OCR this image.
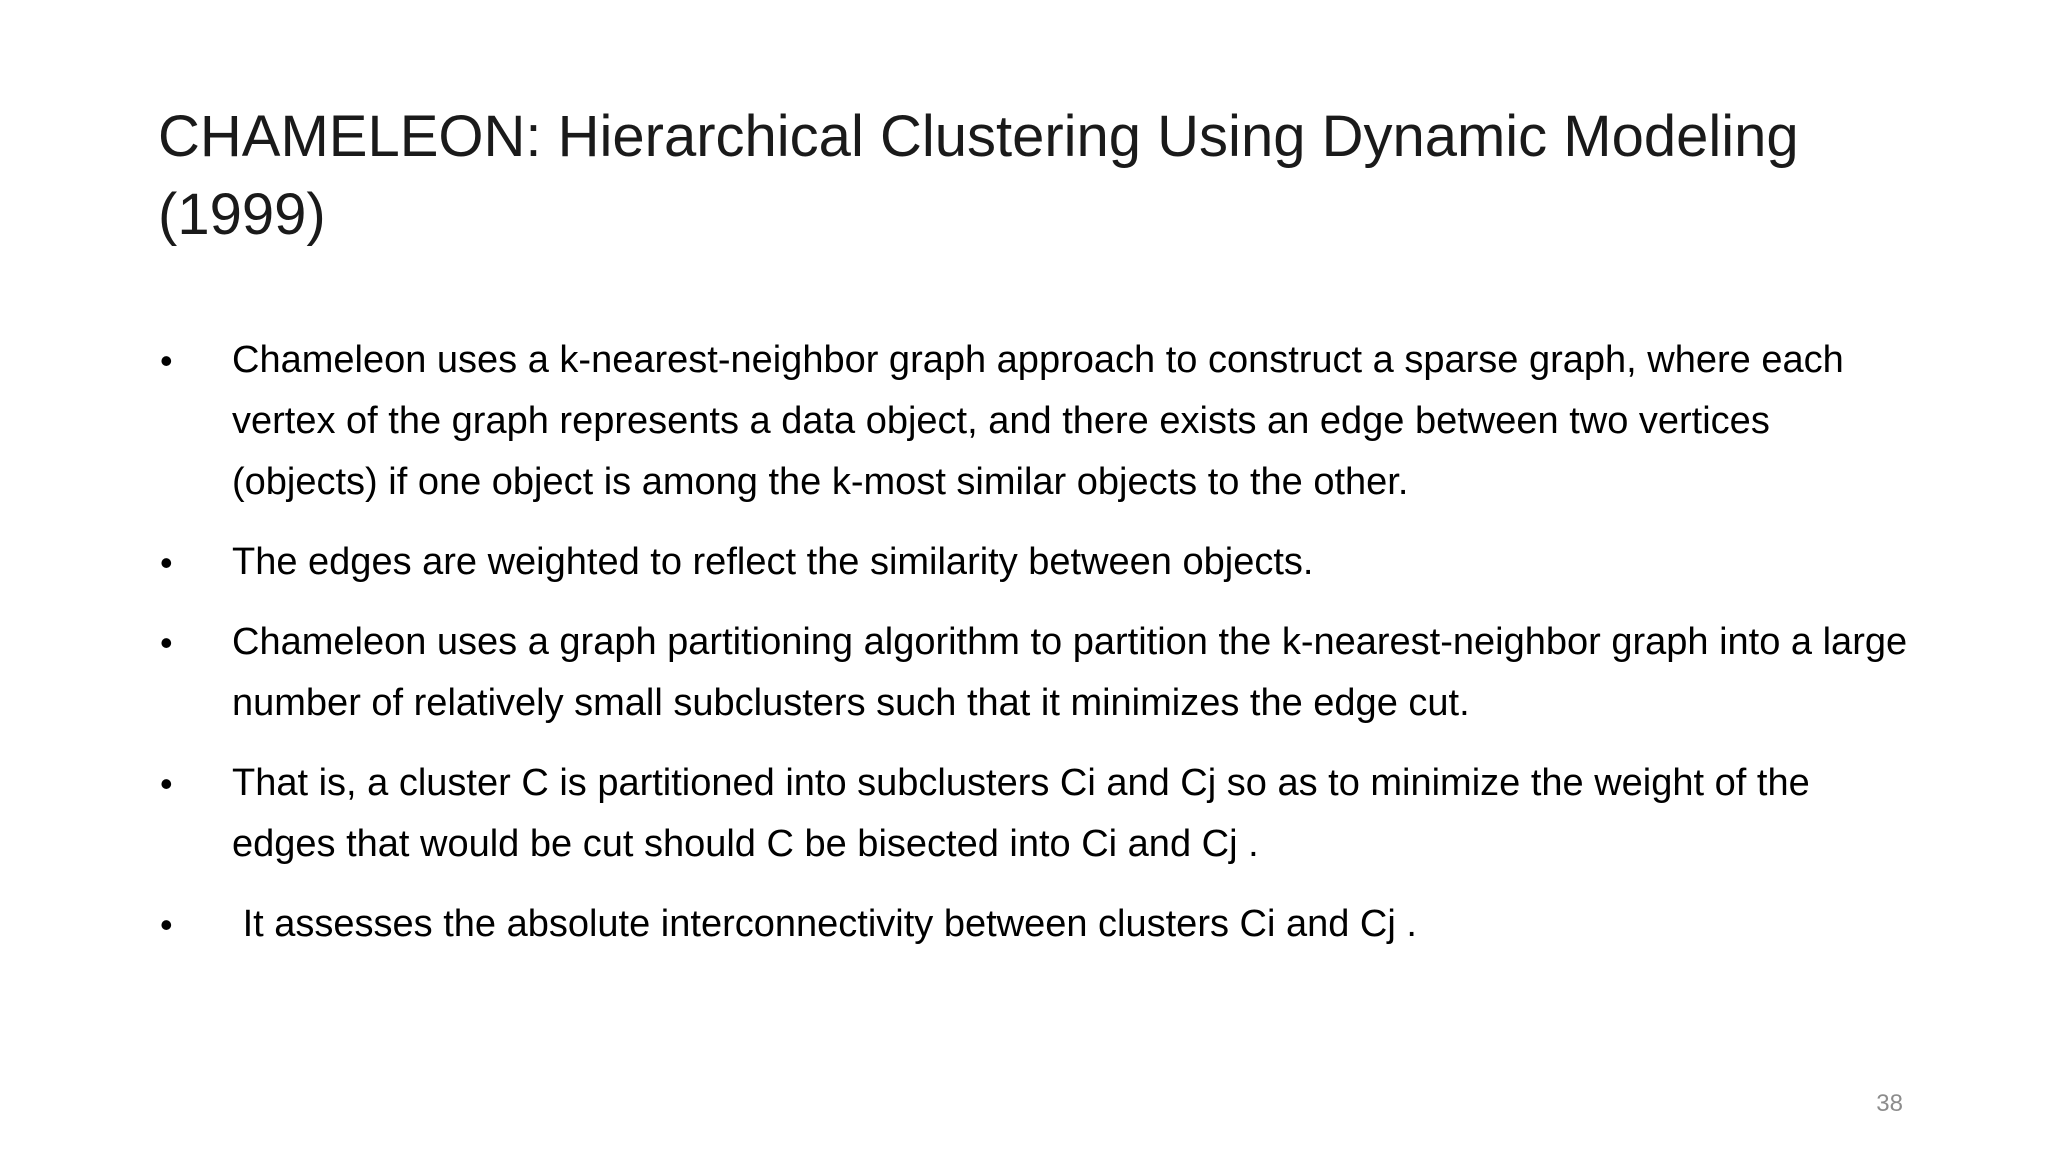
CHAMELEON: Hierarchical Clustering Using Dynamic Modeling (1999)
• Chameleon uses a k-nearest-neighbor graph approach to construct a sparse graph, where each vertex of the graph represents a data object, and there exists an edge between two vertices (objects) if one object is among the k-most similar objects to the other.
• The edges are weighted to reflect the similarity between objects.
• Chameleon uses a graph partitioning algorithm to partition the k-nearest-neighbor graph into a large number of relatively small subclusters such that it minimizes the edge cut.
• That is, a cluster C is partitioned into subclusters Ci and Cj so as to minimize the weight of the edges that would be cut should C be bisected into Ci and Cj .
• It assesses the absolute interconnectivity between clusters Ci and Cj .
38
